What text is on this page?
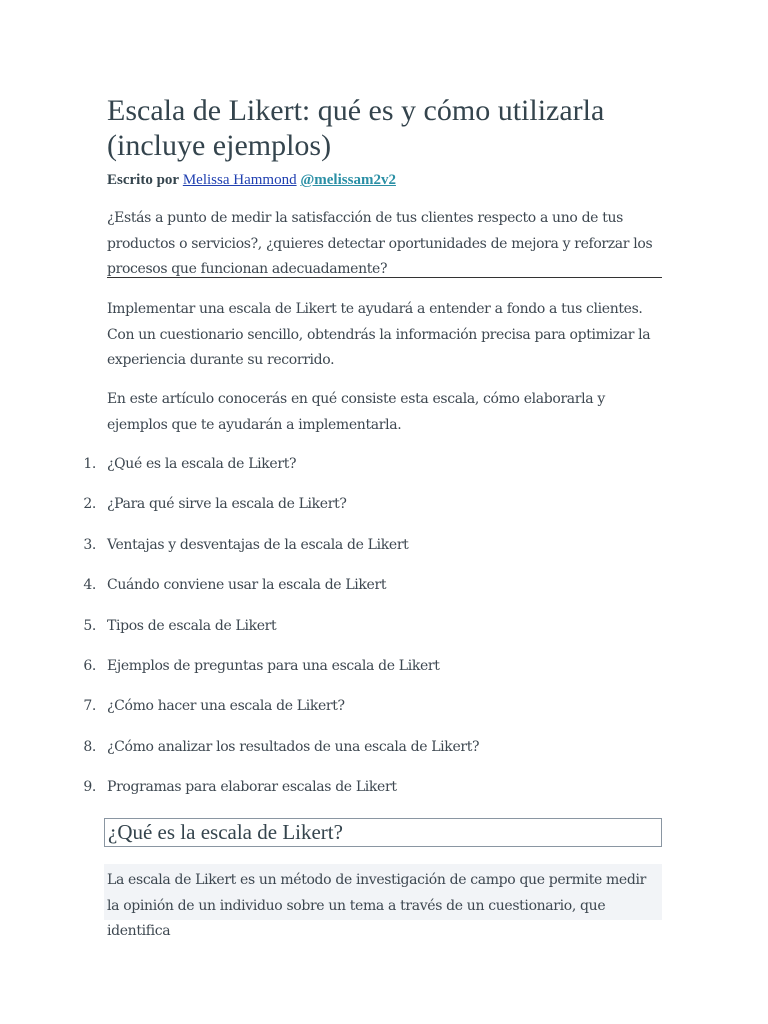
Escala de Likert: qué es y cómo utilizarla (incluye ejemplos)
Escrito por Melissa Hammond @melissam2v2

¿Estás a punto de medir la satisfacción de tus clientes respecto a uno de tus productos o servicios?, ¿quieres detectar oportunidades de mejora y reforzar los procesos que funcionan adecuadamente?

Implementar una escala de Likert te ayudará a entender a fondo a tus clientes. Con un cuestionario sencillo, obtendrás la información precisa para optimizar la experiencia durante su recorrido.

En este artículo conocerás en qué consiste esta escala, cómo elaborarla y ejemplos que te ayudarán a implementarla.

1. ¿Qué es la escala de Likert?
2. ¿Para qué sirve la escala de Likert?
3. Ventajas y desventajas de la escala de Likert
4. Cuándo conviene usar la escala de Likert
5. Tipos de escala de Likert
6. Ejemplos de preguntas para una escala de Likert
7. ¿Cómo hacer una escala de Likert?
8. ¿Cómo analizar los resultados de una escala de Likert?
9. Programas para elaborar escalas de Likert
¿Qué es la escala de Likert?

La escala de Likert es un método de investigación de campo que permite medir la opinión de un individuo sobre un tema a través de un cuestionario, que identifica
